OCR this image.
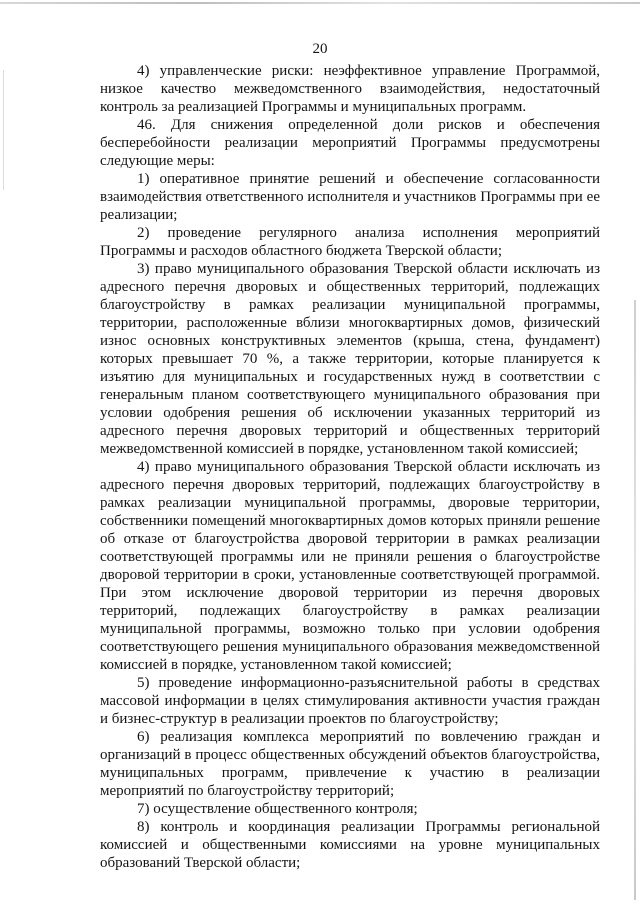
20

4) управленческие риски: неэффективное управление Программой, низкое качество межведомственного взаимодействия, недостаточный контроль за реализацией Программы и муниципальных программ.

46. Для снижения определенной доли рисков и обеспечения бесперебойности реализации мероприятий Программы предусмотрены следующие меры:

1) оперативное принятие решений и обеспечение согласованности взаимодействия ответственного исполнителя и участников Программы при ее реализации;

2) проведение регулярного анализа исполнения мероприятий Программы и расходов областного бюджета Тверской области;

3) право муниципального образования Тверской области исключать из адресного перечня дворовых и общественных территорий, подлежащих благоустройству в рамках реализации муниципальной программы, территории, расположенные вблизи многоквартирных домов, физический износ основных конструктивных элементов (крыша, стена, фундамент) которых превышает 70 %, а также территории, которые планируется к изъятию для муниципальных и государственных нужд в соответствии с генеральным планом соответствующего муниципального образования при условии одобрения решения об исключении указанных территорий из адресного перечня дворовых территорий и общественных территорий межведомственной комиссией в порядке, установленном такой комиссией;

4) право муниципального образования Тверской области исключать из адресного перечня дворовых территорий, подлежащих благоустройству в рамках реализации муниципальной программы, дворовые территории, собственники помещений многоквартирных домов которых приняли решение об отказе от благоустройства дворовой территории в рамках реализации соответствующей программы или не приняли решения о благоустройстве дворовой территории в сроки, установленные соответствующей программой. При этом исключение дворовой территории из перечня дворовых территорий, подлежащих благоустройству в рамках реализации муниципальной программы, возможно только при условии одобрения соответствующего решения муниципального образования межведомственной комиссией в порядке, установленном такой комиссией;

5) проведение информационно-разъяснительной работы в средствах массовой информации в целях стимулирования активности участия граждан и бизнес-структур в реализации проектов по благоустройству;

6) реализация комплекса мероприятий по вовлечению граждан и организаций в процесс общественных обсуждений объектов благоустройства, муниципальных программ, привлечение к участию в реализации мероприятий по благоустройству территорий;

7) осуществление общественного контроля;

8) контроль и координация реализации Программы региональной комиссией и общественными комиссиями на уровне муниципальных образований Тверской области;
